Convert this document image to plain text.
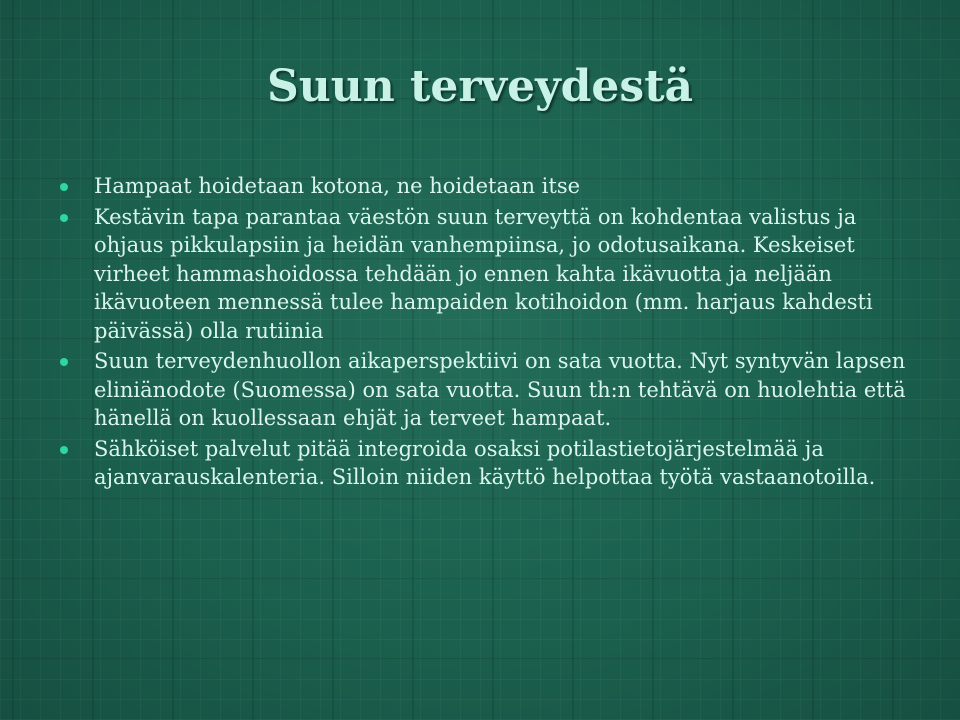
Suun terveydestä
Hampaat hoidetaan kotona, ne hoidetaan itse
Kestävin tapa parantaa väestön suun terveyttä on kohdentaa valistus ja ohjaus pikkulapsiin ja heidän vanhempiinsa, jo odotusaikana. Keskeiset virheet hammashoidossa tehdään jo ennen kahta ikävuotta ja neljään ikävuoteen mennessä tulee hampaiden kotihoidon (mm. harjaus kahdesti päivässä) olla rutiinia
Suun terveydenhuollon aikaperspektiivi on sata vuotta. Nyt syntyvän lapsen eliniänodote (Suomessa) on sata vuotta. Suun th:n tehtävä on huolehtia että hänellä on kuollessaan ehjät ja terveet hampaat.
Sähköiset palvelut pitää integroida osaksi potilastietojärjestelmää ja ajanvarauskalenteria. Silloin niiden käyttö helpottaa työtä vastaanotoilla.
